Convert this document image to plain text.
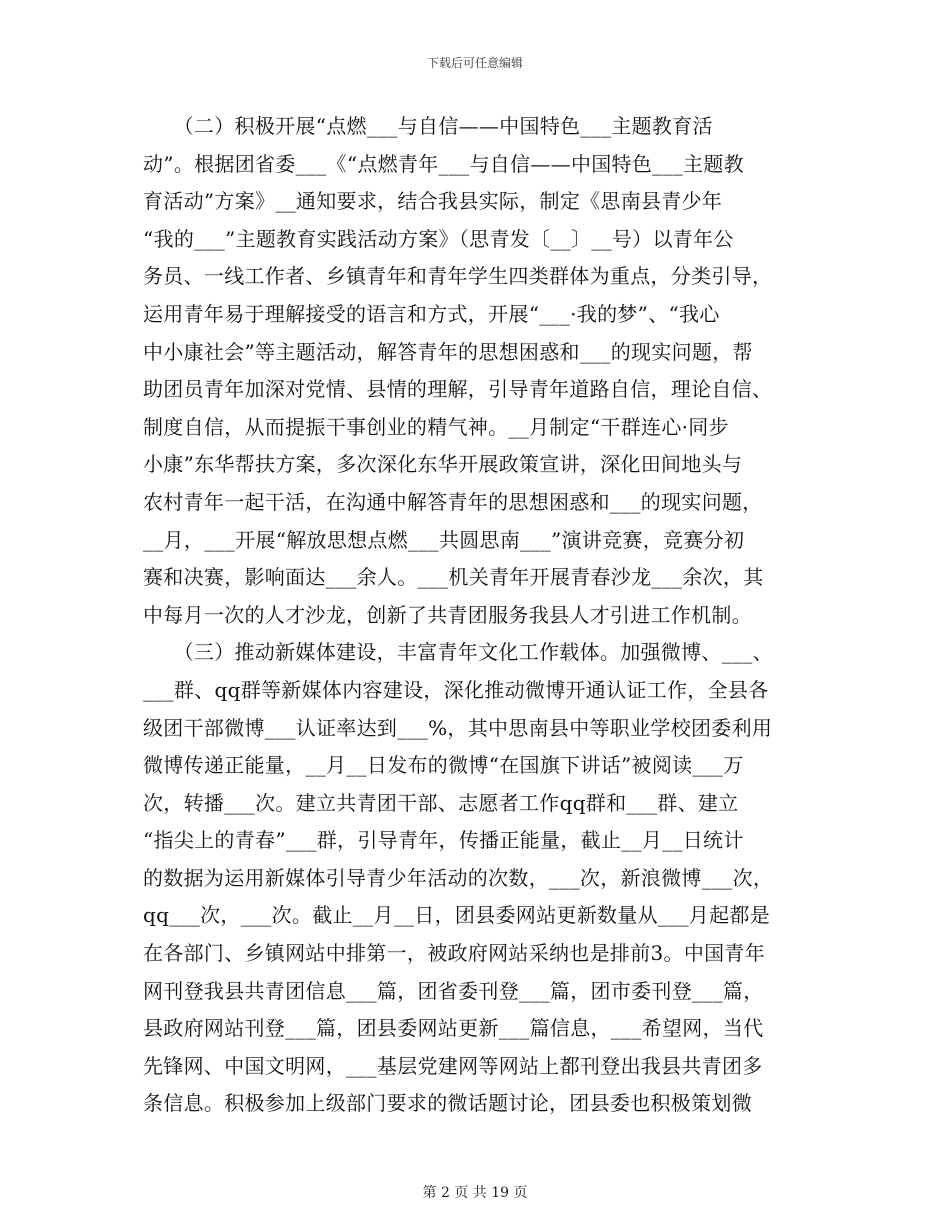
下载后可任意编辑
　　（二）积极开展“点燃___与自信——中国特色___主题教育活
动”。根据团省委___《“点燃青年___与自信——中国特色___主题教
育活动”方案》__通知要求，结合我县实际，制定《思南县青少年
“我的___”主题教育实践活动方案》（思青发〔__〕__号）以青年公
务员、一线工作者、乡镇青年和青年学生四类群体为重点，分类引导，
运用青年易于理解接受的语言和方式，开展“___·我的梦”、“我心
中小康社会”等主题活动，解答青年的思想困惑和___的现实问题，帮
助团员青年加深对党情、县情的理解，引导青年道路自信，理论自信、
制度自信，从而提振干事创业的精气神。__月制定“干群连心·同步
小康”东华帮扶方案，多次深化东华开展政策宣讲，深化田间地头与
农村青年一起干活，在沟通中解答青年的思想困惑和___的现实问题，
__月，___开展“解放思想点燃___共圆思南___”演讲竞赛，竞赛分初
赛和决赛，影响面达___余人。___机关青年开展青春沙龙___余次，其
中每月一次的人才沙龙，创新了共青团服务我县人才引进工作机制。
　　（三）推动新媒体建设，丰富青年文化工作载体。加强微博、___、
___群、qq群等新媒体内容建设，深化推动微博开通认证工作，全县各
级团干部微博___认证率达到___%，其中思南县中等职业学校团委利用
微博传递正能量，__月__日发布的微博“在国旗下讲话”被阅读___万
次，转播___次。建立共青团干部、志愿者工作qq群和___群、建立
“指尖上的青春”___群，引导青年，传播正能量，截止__月__日统计
的数据为运用新媒体引导青少年活动的次数，___次，新浪微博___次，
qq___次，___次。截止__月__日，团县委网站更新数量从___月起都是
在各部门、乡镇网站中排第一，被政府网站采纳也是排前3。中国青年
网刊登我县共青团信息___篇，团省委刊登___篇，团市委刊登___篇，
县政府网站刊登___篇，团县委网站更新___篇信息，___希望网，当代
先锋网、中国文明网，___基层党建网等网站上都刊登出我县共青团多
条信息。积极参加上级部门要求的微话题讨论，团县委也积极策划微
第 2 页 共 19 页
